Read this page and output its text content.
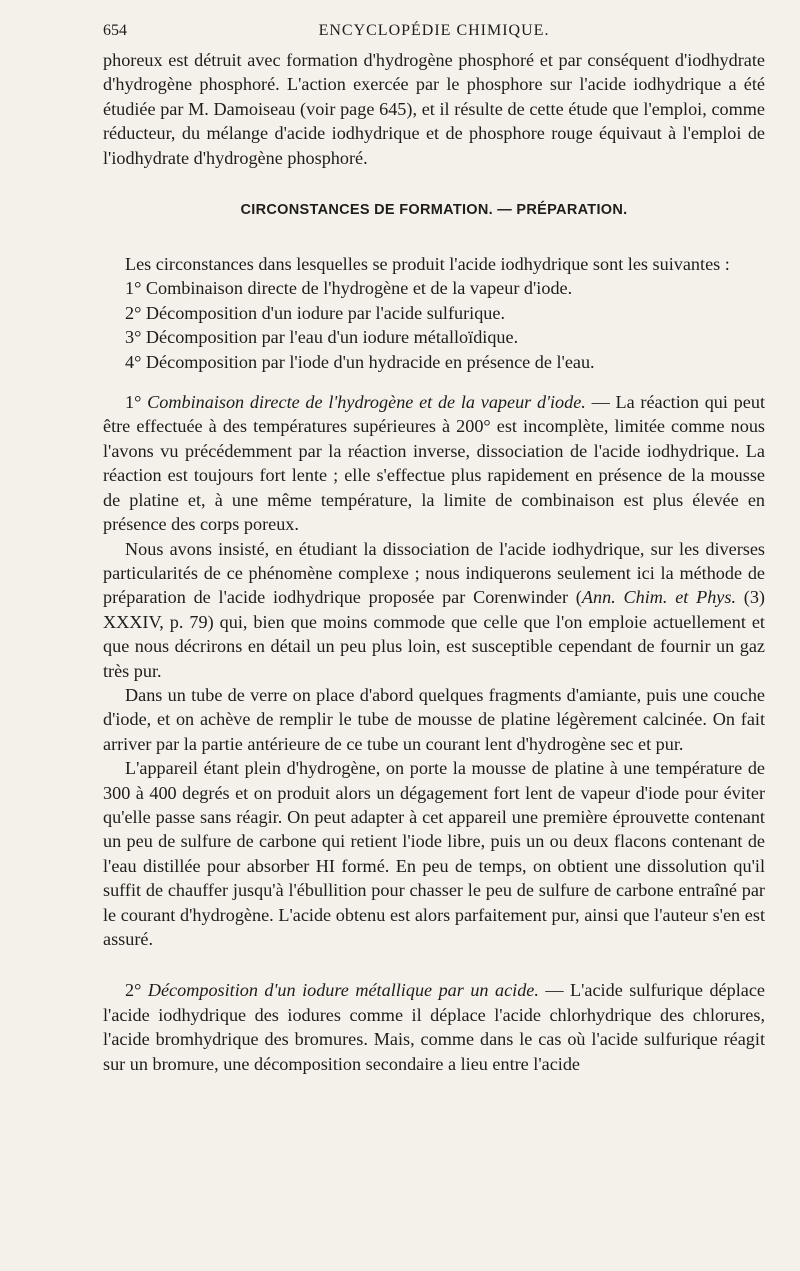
654	ENCYCLOPÉDIE CHIMIQUE.

phoreux est détruit avec formation d'hydrogène phosphoré et par conséquent d'iodhydrate d'hydrogène phosphoré. L'action exercée par le phosphore sur l'acide iodhydrique a été étudiée par M. Damoiseau (voir page 645), et il résulte de cette étude que l'emploi, comme réducteur, du mélange d'acide iodhydrique et de phosphore rouge équivaut à l'emploi de l'iodhydrate d'hydrogène phosphoré.

CIRCONSTANCES DE FORMATION. — PRÉPARATION.

Les circonstances dans lesquelles se produit l'acide iodhydrique sont les suivantes :

1° Combinaison directe de l'hydrogène et de la vapeur d'iode.
2° Décomposition d'un iodure par l'acide sulfurique.
3° Décomposition par l'eau d'un iodure métalloïdique.
4° Décomposition par l'iode d'un hydracide en présence de l'eau.

1° Combinaison directe de l'hydrogène et de la vapeur d'iode. — La réaction qui peut être effectuée à des températures supérieures à 200° est incomplète, limitée comme nous l'avons vu précédemment par la réaction inverse, dissociation de l'acide iodhydrique. La réaction est toujours fort lente ; elle s'effectue plus rapidement en présence de la mousse de platine et, à une même température, la limite de combinaison est plus élevée en présence des corps poreux.

Nous avons insisté, en étudiant la dissociation de l'acide iodhydrique, sur les diverses particularités de ce phénomène complexe ; nous indiquerons seulement ici la méthode de préparation de l'acide iodhydrique proposée par Corenwinder (Ann. Chim. et Phys. (3) XXXIV, p. 79) qui, bien que moins commode que celle que l'on emploie actuellement et que nous décrirons en détail un peu plus loin, est susceptible cependant de fournir un gaz très pur.

Dans un tube de verre on place d'abord quelques fragments d'amiante, puis une couche d'iode, et on achève de remplir le tube de mousse de platine légèrement calcinée. On fait arriver par la partie antérieure de ce tube un courant lent d'hydrogène sec et pur.

L'appareil étant plein d'hydrogène, on porte la mousse de platine à une température de 300 à 400 degrés et on produit alors un dégagement fort lent de vapeur d'iode pour éviter qu'elle passe sans réagir. On peut adapter à cet appareil une première éprouvette contenant un peu de sulfure de carbone qui retient l'iode libre, puis un ou deux flacons contenant de l'eau distillée pour absorber HI formé. En peu de temps, on obtient une dissolution qu'il suffit de chauffer jusqu'à l'ébullition pour chasser le peu de sulfure de carbone entraîné par le courant d'hydrogène. L'acide obtenu est alors parfaitement pur, ainsi que l'auteur s'en est assuré.

2° Décomposition d'un iodure métallique par un acide. — L'acide sulfurique déplace l'acide iodhydrique des iodures comme il déplace l'acide chlorhydrique des chlorures, l'acide bromhydrique des bromures. Mais, comme dans le cas où l'acide sulfurique réagit sur un bromure, une décomposition secondaire a lieu entre l'acide
